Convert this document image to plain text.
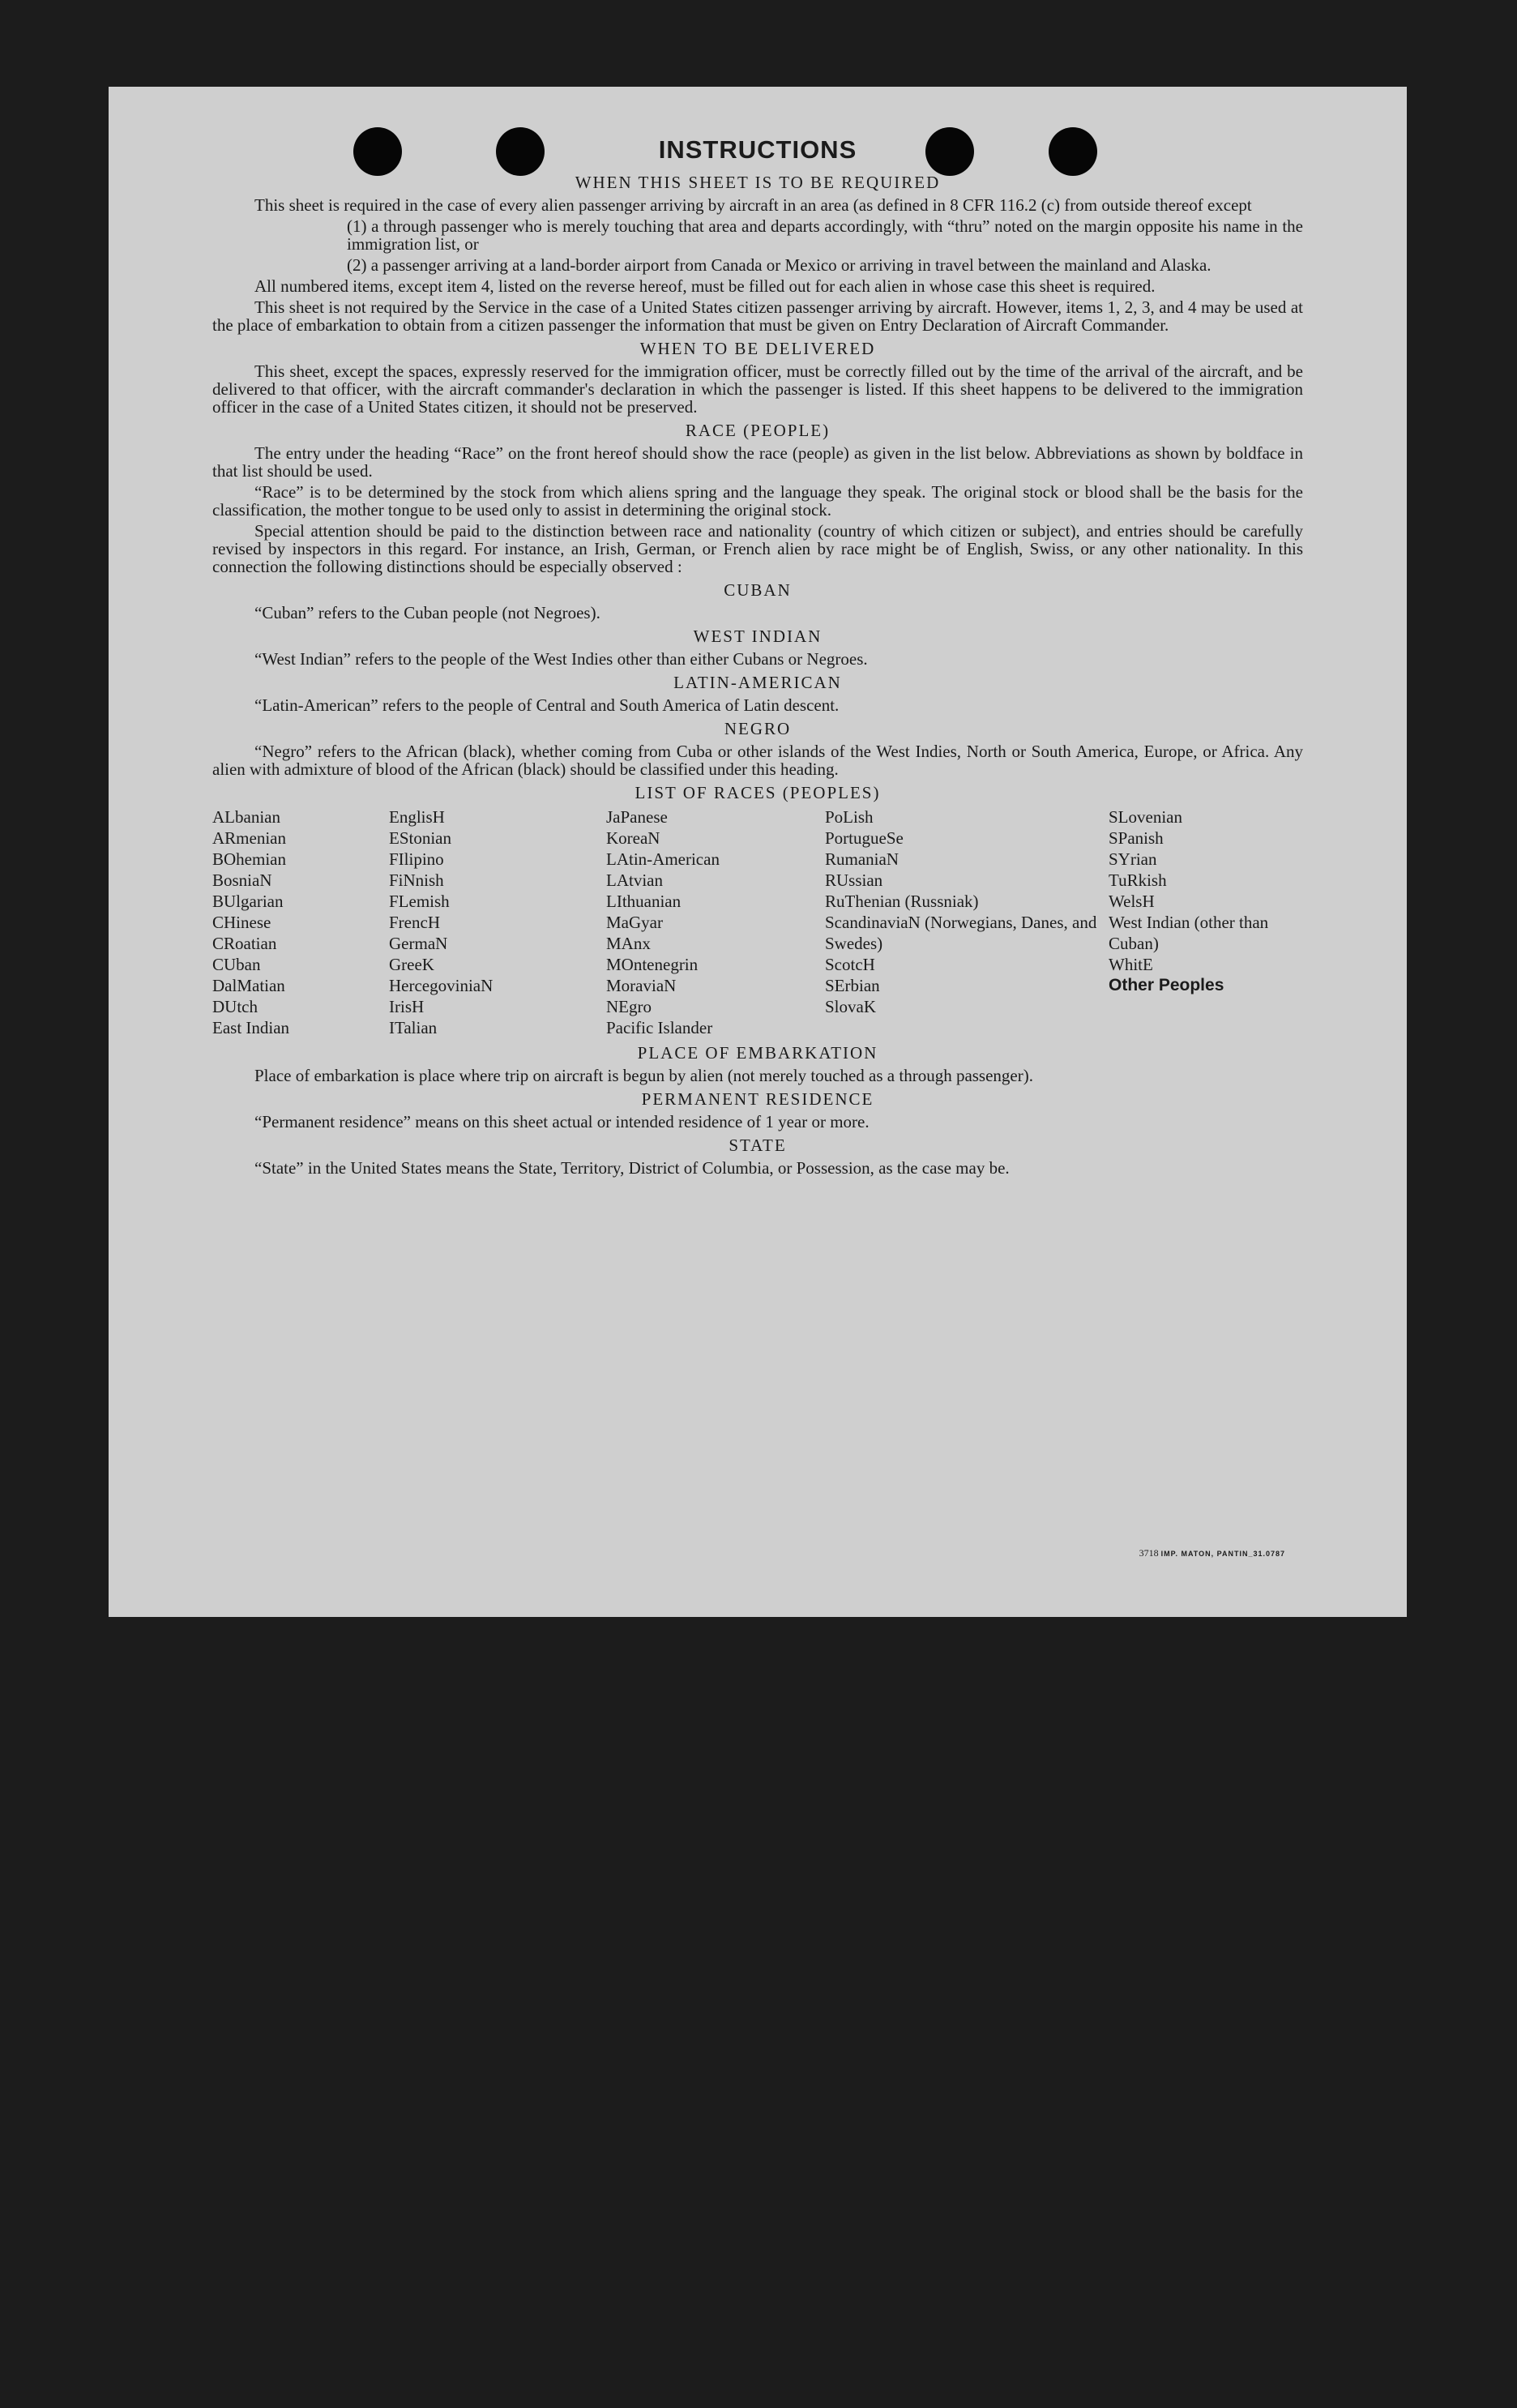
INSTRUCTIONS
WHEN THIS SHEET IS TO BE REQUIRED

This sheet is required in the case of every alien passenger arriving by aircraft in an area (as defined in 8 CFR 116.2 (c) from outside thereof except

(1) a through passenger who is merely touching that area and departs accordingly, with “thru” noted on the margin opposite his name in the immigration list, or

(2) a passenger arriving at a land-border airport from Canada or Mexico or arriving in travel between the mainland and Alaska.

All numbered items, except item 4, listed on the reverse hereof, must be filled out for each alien in whose case this sheet is required.

This sheet is not required by the Service in the case of a United States citizen passenger arriving by aircraft. However, items 1, 2, 3, and 4 may be used at the place of embarkation to obtain from a citizen passenger the information that must be given on Entry Declaration of Aircraft Commander.

WHEN TO BE DELIVERED

This sheet, except the spaces, expressly reserved for the immigration officer, must be correctly filled out by the time of the arrival of the aircraft, and be delivered to that officer, with the aircraft commander's declaration in which the passenger is listed. If this sheet happens to be delivered to the immigration officer in the case of a United States citizen, it should not be preserved.

RACE (PEOPLE)

The entry under the heading “Race” on the front hereof should show the race (people) as given in the list below. Abbreviations as shown by boldface in that list should be used.

“Race” is to be determined by the stock from which aliens spring and the language they speak. The original stock or blood shall be the basis for the classification, the mother tongue to be used only to assist in determining the original stock.

Special attention should be paid to the distinction between race and nationality (country of which citizen or subject), and entries should be carefully revised by inspectors in this regard. For instance, an Irish, German, or French alien by race might be of English, Swiss, or any other nationality. In this connection the following distinctions should be especially observed :

CUBAN

“Cuban” refers to the Cuban people (not Negroes).

WEST INDIAN

“West Indian” refers to the people of the West Indies other than either Cubans or Negroes.

LATIN-AMERICAN

“Latin-American” refers to the people of Central and South America of Latin descent.

NEGRO

“Negro” refers to the African (black), whether coming from Cuba or other islands of the West Indies, North or South America, Europe, or Africa. Any alien with admixture of blood of the African (black) should be classified under this heading.

LIST OF RACES (PEOPLES)
ALbanian
ARmenian
BOhemian
BosniaN
BUlgarian
CHinese
CRoatian
CUban
DalMatian
DUtch
East Indian
EnglisH
EStonian
FIlipino
FiNnish
FLemish
FrencH
GermaN
GreeK
HercegoviniaN
IrisH
ITalian
JaPanese
KoreaN
LAtin-American
LAtvian
LIthuanian
MaGyar
MAnx
MOntenegrin
MoraviaN
NEgro
Pacific Islander
PoLish
PortugueSe
RumaniaN
RUssian
RuThenian (Russniak)
ScandinaviaN (Norwegians, Danes, and Swedes)
ScotcH
SErbian
SlovaK
SLovenian
SPanish
SYrian
TuRkish
WelsH
West Indian (other than Cuban)
WhitE
Other Peoples
PLACE OF EMBARKATION

Place of embarkation is place where trip on aircraft is begun by alien (not merely touched as a through passenger).

PERMANENT RESIDENCE

“Permanent residence” means on this sheet actual or intended residence of 1 year or more.

STATE

“State” in the United States means the State, Territory, District of Columbia, or Possession, as the case may be.

3718 IMP. MATON, PANTIN_31.0787
